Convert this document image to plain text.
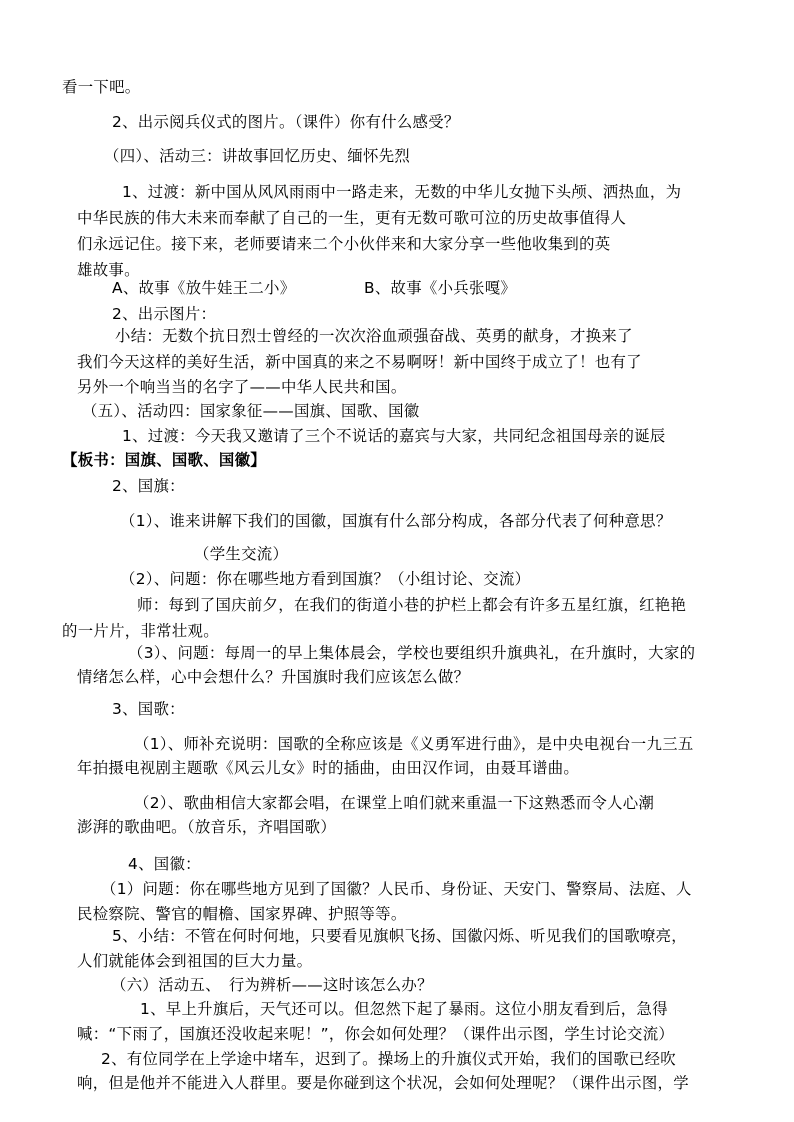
看一下吧。
2、出示阅兵仪式的图片。（课件）你有什么感受？
（四）、活动三：讲故事回忆历史、缅怀先烈
1、过渡：新中国从风风雨雨中一路走来，无数的中华儿女抛下头颅、洒热血，为
中华民族的伟大未来而奉献了自己的一生，更有无数可歌可泣的历史故事值得人
们永远记住。接下来，老师要请来二个小伙伴来和大家分享一些他收集到的英
雄故事。
A、故事《放牛娃王二小》	B、故事《小兵张嘎》
2、出示图片：
小结：无数个抗日烈士曾经的一次次浴血顽强奋战、英勇的献身，才换来了
我们今天这样的美好生活，新中国真的来之不易啊呀！新中国终于成立了！也有了
另外一个响当当的名字了——中华人民共和国。
（五）、活动四：国家象征——国旗、国歌、国徽
1、过渡：今天我又邀请了三个不说话的嘉宾与大家，共同纪念祖国母亲的诞辰
【板书：国旗、国歌、国徽】
2、国旗：
（1）、谁来讲解下我们的国徽，国旗有什么部分构成，各部分代表了何种意思？
（学生交流）
（2）、问题：你在哪些地方看到国旗？（小组讨论、交流）
师：每到了国庆前夕，在我们的街道小巷的护栏上都会有许多五星红旗，红艳艳
的一片片，非常壮观。
（3）、问题：每周一的早上集体晨会，学校也要组织升旗典礼，在升旗时，大家的
情绪怎么样，心中会想什么？升国旗时我们应该怎么做？
3、国歌：
（1）、师补充说明：国歌的全称应该是《义勇军进行曲》，是中央电视台一九三五
年拍摄电视剧主题歌《风云儿女》时的插曲，由田汉作词，由聂耳谱曲。
（2）、歌曲相信大家都会唱，在课堂上咱们就来重温一下这熟悉而令人心潮
澎湃的歌曲吧。（放音乐，齐唱国歌）
4、国徽：
（1）问题：你在哪些地方见到了国徽？人民币、身份证、天安门、警察局、法庭、人
民检察院、警官的帽檐、国家界碑、护照等等。
5、小结：不管在何时何地，只要看见旗帜飞扬、国徽闪烁、听见我们的国歌嘹亮，
人们就能体会到祖国的巨大力量。
（六）活动五、　行为辨析——这时该怎么办？
1、早上升旗后，天气还可以。但忽然下起了暴雨。这位小朋友看到后，急得
喊：“下雨了，国旗还没收起来呢！”，你会如何处理？（课件出示图，学生讨论交流）
2、有位同学在上学途中堵车，迟到了。操场上的升旗仪式开始，我们的国歌已经吹
响，但是他并不能进入人群里。要是你碰到这个状况，会如何处理呢？（课件出示图，学
